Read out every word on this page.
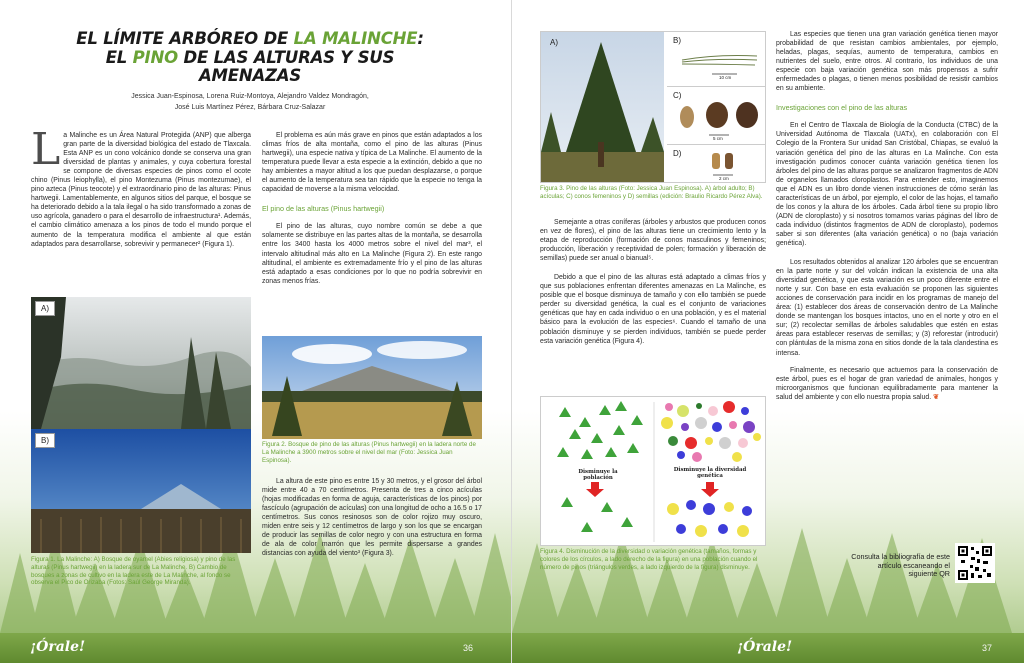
EL LÍMITE ARBÓREO DE LA MALINCHE:
EL PINO DE LAS ALTURAS Y SUS AMENAZAS
Jessica Juan-Espinosa, Lorena Ruiz-Montoya, Alejandro Valdez Mondragón,
José Luis Martínez Pérez, Bárbara Cruz-Salazar

La Malinche es un Área Natural Protegida (ANP) que alberga gran parte de la diversidad biológica del estado de Tlaxcala. Esta ANP es un cono volcánico donde se conserva una gran diversidad de plantas y animales, y cuya cobertura forestal se compone de diversas especies de pinos como el ocote chino (Pinus leiophylla), el pino Montezuma (Pinus montezumae), el pino azteca (Pinus teocote) y el extraordinario pino de las alturas: Pinus hartwegii. Lamentablemente, en algunos sitios del parque, el bosque se ha deteriorado debido a la tala ilegal o ha sido transformado a zonas de uso agrícola, ganadero o para el desarrollo de infraestructura¹. Además, el cambio climático amenaza a los pinos de todo el mundo porque el aumento de la temperatura modifica el ambiente al que están adaptados para desarrollarse, sobrevivir y permanecer² (Figura 1).

A)
B)
Figura 1. La Malinche: A) Bosque de oyamel (Abies religiosa) y pino de las alturas (Pinus hartwegii) en la ladera sur de La Malinche. B) Cambio de bosques a zonas de cultivo en la ladera este de La Malinche, al fondo se observa el Pico de Orizaba (Fotos: Saúl George Miranda).

El problema es aún más grave en pinos que están adaptados a los climas fríos de alta montaña, como el pino de las alturas (Pinus hartwegii), una especie nativa y típica de La Malinche. El aumento de la temperatura puede llevar a esta especie a la extinción, debido a que no hay ambientes a mayor altitud a los que puedan desplazarse, o porque el aumento de la temperatura sea tan rápido que la especie no tenga la capacidad de moverse a la misma velocidad.

El pino de las alturas (Pinus hartwegii)

El pino de las alturas, cuyo nombre común se debe a que solamente se distribuye en las partes altas de la montaña, se desarrolla entre los 3400 hasta los 4000 metros sobre el nivel del mar³, el intervalo altitudinal más alto en La Malinche (Figura 2). En este rango altitudinal, el ambiente es extremadamente frío y el pino de las alturas está adaptado a esas condiciones por lo que no podría sobrevivir en zonas menos frías.

Figura 2. Bosque de pino de las alturas (Pinus hartwegii) en la ladera norte de La Malinche a 3900 metros sobre el nivel del mar (Foto: Jessica Juan Espinosa).

La altura de este pino es entre 15 y 30 metros, y el grosor del árbol mide entre 40 a 70 centímetros. Presenta de tres a cinco acículas (hojas modificadas en forma de aguja, características de los pinos) por fascículo (agrupación de acículas) con una longitud de ocho a 16.5 o 17 centímetros. Sus conos resinosos son de color rojizo muy oscuro, miden entre seis y 12 centímetros de largo y son los que se encargan de producir las semillas de color negro y con una estructura en forma de ala de color marrón que les permite dispersarse a grandes distancias con ayuda del viento³ (Figura 3).

¡Órale!	36
A)	B)
10 cm
C)
5 cm
D)
2 cm
Figura 3. Pino de las alturas (Foto: Jessica Juan Espinosa). A) árbol adulto; B) acículas; C) conos femeninos y D) semillas (edición: Braulio Ricardo Pérez Alva).

Semejante a otras coníferas (árboles y arbustos que producen conos en vez de flores), el pino de las alturas tiene un crecimiento lento y la etapa de reproducción (formación de conos masculinos y femeninos; producción, liberación y receptividad de polen; formación y liberación de semillas) puede ser anual o bianual⁵.

Debido a que el pino de las alturas está adaptado a climas fríos y que sus poblaciones enfrentan diferentes amenazas en La Malinche, es posible que el bosque disminuya de tamaño y con ello también se puede perder su diversidad genética, la cual es el conjunto de variaciones genéticas que hay en cada individuo o en una población, y es el material básico para la evolución de las especies⁶. Cuando el tamaño de una población disminuye y se pierden individuos, también se puede perder esta variación genética (Figura 4).

Disminuye la población
Disminuye la diversidad genética
Figura 4. Disminución de la diversidad o variación genética (tamaños, formas y colores de los círculos, a lado derecho de la figura) en una población cuando el número de pinos (triángulos verdes, a lado izquierdo de la figura) disminuye.

Las especies que tienen una gran variación genética tienen mayor probabilidad de que resistan cambios ambientales, por ejemplo, heladas, plagas, sequías, aumento de temperatura, cambios en nutrientes del suelo, entre otros. Al contrario, los individuos de una especie con baja variación genética son más propensos a sufrir enfermedades o plagas, o tienen menos posibilidad de resistir cambios en su ambiente.

Investigaciones con el pino de las alturas

En el Centro de Tlaxcala de Biología de la Conducta (CTBC) de la Universidad Autónoma de Tlaxcala (UATx), en colaboración con El Colegio de la Frontera Sur unidad San Cristóbal, Chiapas, se evaluó la variación genética del pino de las alturas en La Malinche. Con esta investigación pudimos conocer cuánta variación genética tienen los árboles del pino de las alturas porque se analizaron fragmentos de ADN de organelos llamados cloroplastos. Para entender esto, imaginemos que el ADN es un libro donde vienen instrucciones de cómo serán las características de un árbol, por ejemplo, el color de las hojas, el tamaño de los conos y la altura de los árboles. Cada árbol tiene su propio libro (ADN de cloroplasto) y si nosotros tomamos varias páginas del libro de cada individuo (distintos fragmentos de ADN de cloroplasto), podemos saber si son diferentes (alta variación genética) o no (baja variación genética).

Los resultados obtenidos al analizar 120 árboles que se encuentran en la parte norte y sur del volcán indican la existencia de una alta diversidad genética, y que esta variación es un poco diferente entre el norte y sur. Con base en esta evaluación se proponen las siguientes acciones de conservación para incidir en los programas de manejo del área: (1) establecer dos áreas de conservación dentro de La Malinche donde se mantengan los bosques intactos, uno en el norte y otro en el sur; (2) recolectar semillas de árboles saludables que estén en estas áreas para establecer reservas de semillas; y (3) reforestar (introducir) con plántulas de la misma zona en sitios donde de la tala clandestina es intensa.

Finalmente, es necesario que actuemos para la conservación de este árbol, pues es el hogar de gran variedad de animales, hongos y microorganismos que funcionan equilibradamente para mantener la salud del ambiente y con ello nuestra propia salud. ❦

Consulta la bibliografía de este artículo escaneando el siguiente QR
¡Órale!	37
